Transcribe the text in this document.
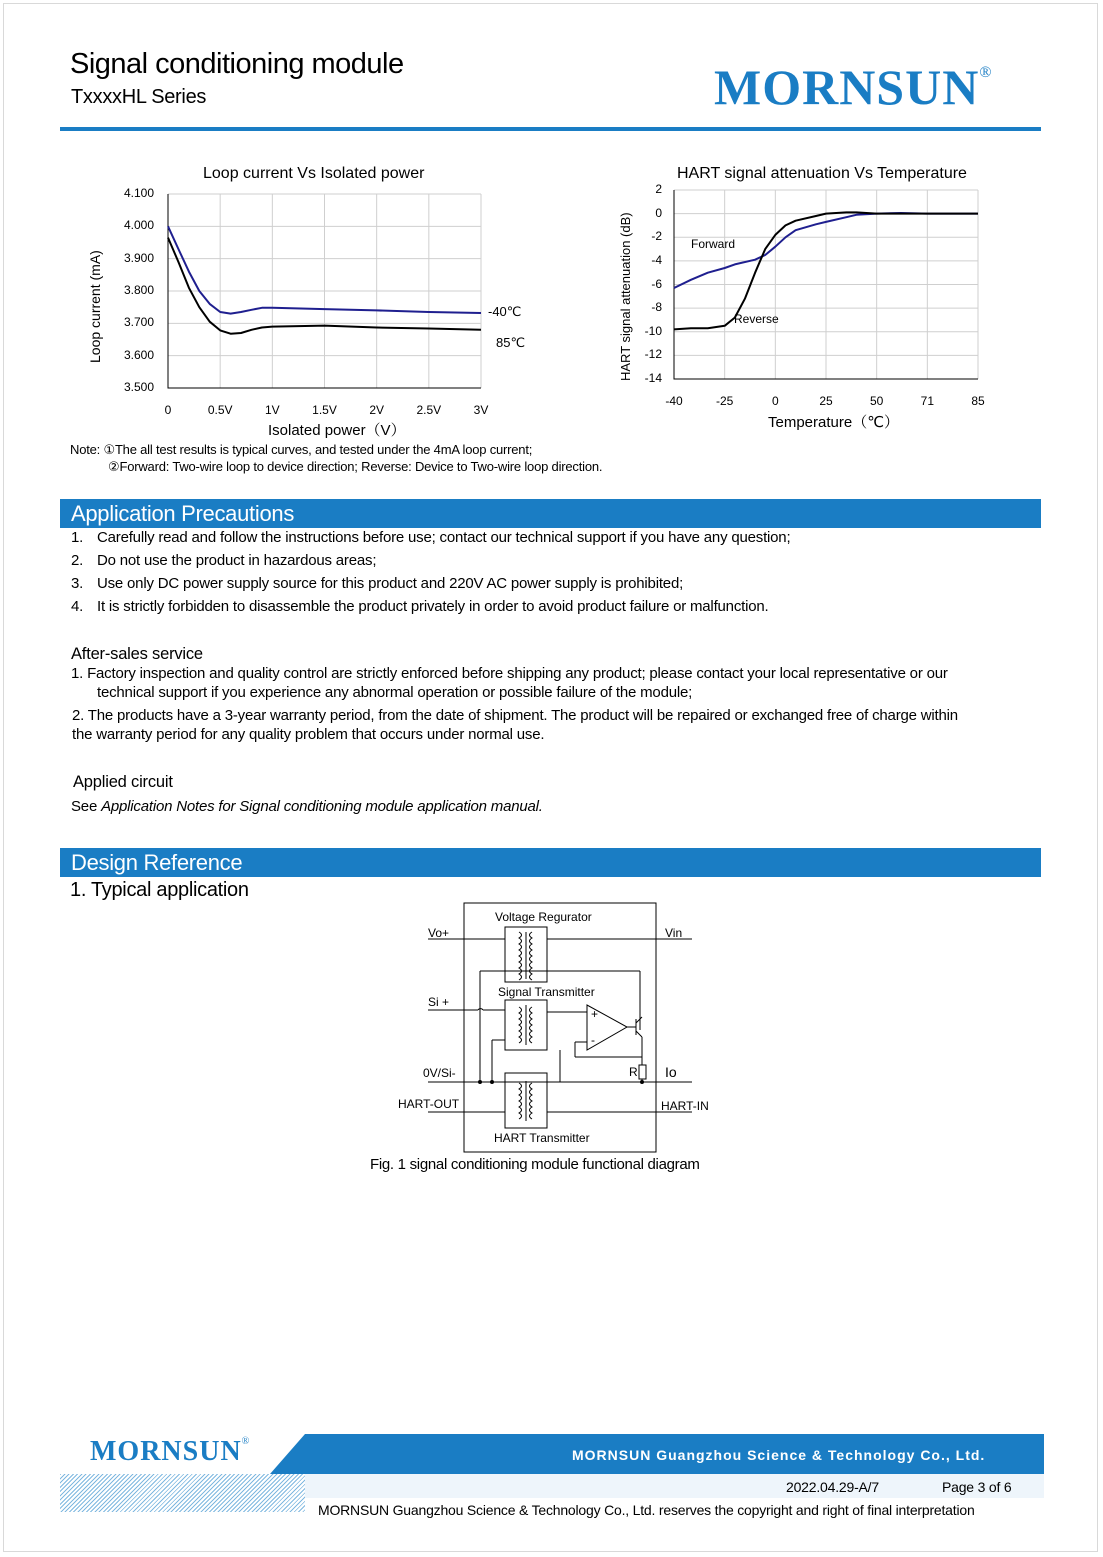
Signal conditioning module
TxxxxHL Series	MORNSUN®
Loop current Vs Isolated power
Loop current (mA)
4.100
4.000
3.900
3.800
3.700
3.600
3.500
0	0.5V	1V	1.5V	2V	2.5V	3V
Isolated power（V）
-40℃
85℃
HART signal attenuation Vs Temperature
HART signal attenuation (dB)
2
0
-2
-4
-6
-8
-10
-12
-14
-40	-25	0	25	50	71	85
Temperature（℃）
Forward
Reverse
Note: ①The all test results is typical curves, and tested under the 4mA loop current;
②Forward: Two-wire loop to device direction; Reverse: Device to Two-wire loop direction.
Application Precautions
1. Carefully read and follow the instructions before use; contact our technical support if you have any question;
2. Do not use the product in hazardous areas;
3. Use only DC power supply source for this product and 220V AC power supply is prohibited;
4. It is strictly forbidden to disassemble the product privately in order to avoid product failure or malfunction.
After-sales service
1. Factory inspection and quality control are strictly enforced before shipping any product; please contact your local representative or our
technical support if you experience any abnormal operation or possible failure of the module;
2. The products have a 3-year warranty period, from the date of shipment. The product will be repaired or exchanged free of charge within
the warranty period for any quality problem that occurs under normal use.
Applied circuit
See Application Notes for Signal conditioning module application manual.
Design Reference
1. Typical application
Voltage Regurator
Signal Transmitter
HART Transmitter
Vo+	Vin
Si +
0V/Si-
HART-OUT	HART-IN
R Io
+
-
Fig. 1 signal conditioning module functional diagram
MORNSUN®
MORNSUN Guangzhou Science & Technology Co., Ltd.
2022.04.29-A/7	Page 3 of 6
MORNSUN Guangzhou Science & Technology Co., Ltd. reserves the copyright and right of final interpretation
